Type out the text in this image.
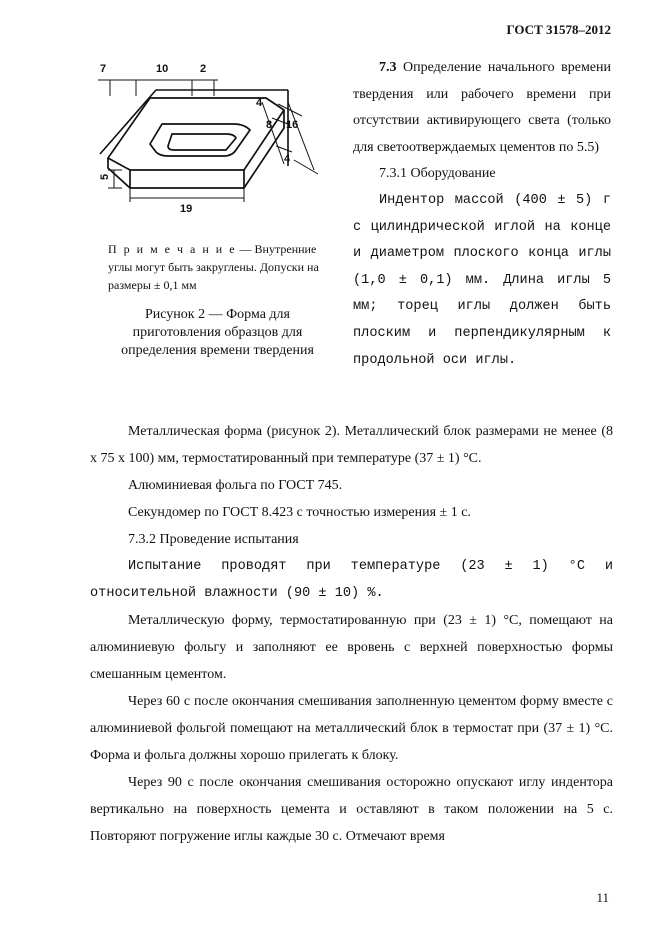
ГОСТ 31578–2012
7	10	2
4
8 16
4
5
19
П р и м е ч а н и е — Внутренние углы могут быть закруглены. Допуски на размеры ± 0,1 мм
Рисунок 2 — Форма для приготовления образцов для определения времени твердения

7.3 Определение начального времени твердения или рабочего времени при отсутствии активирующего света (только для светоотверждаемых цементов по 5.5)

7.3.1 Оборудование

Индентор массой (400 ± 5) г с цилиндрической иглой на конце и диаметром плоского конца иглы (1,0 ± 0,1) мм. Длина иглы 5 мм; торец иглы должен быть плоским и перпендикулярным к продольной оси иглы.

Металлическая форма (рисунок 2). Металлический блок размерами не менее (8 х 75 х 100) мм, термостатированный при температуре (37 ± 1) °С.

Алюминиевая фольга по ГОСТ 745.

Секундомер по ГОСТ 8.423 с точностью измерения ± 1 с.

7.3.2 Проведение испытания

Испытание проводят при температуре (23 ± 1) °С и относительной влажности (90 ± 10) %.

Металлическую форму, термостатированную при (23 ± 1) °С, помещают на алюминиевую фольгу и заполняют ее вровень с верхней поверхностью формы смешанным цементом.

Через 60 с после окончания смешивания заполненную цементом форму вместе с алюминиевой фольгой помещают на металлический блок в термостат при (37 ± 1) °С. Форма и фольга должны хорошо прилегать к блоку.

Через 90 с после окончания смешивания осторожно опускают иглу индентора вертикально на поверхность цемента и оставляют в таком положении на 5 с. Повторяют погружение иглы каждые 30 с. Отмечают время

11
